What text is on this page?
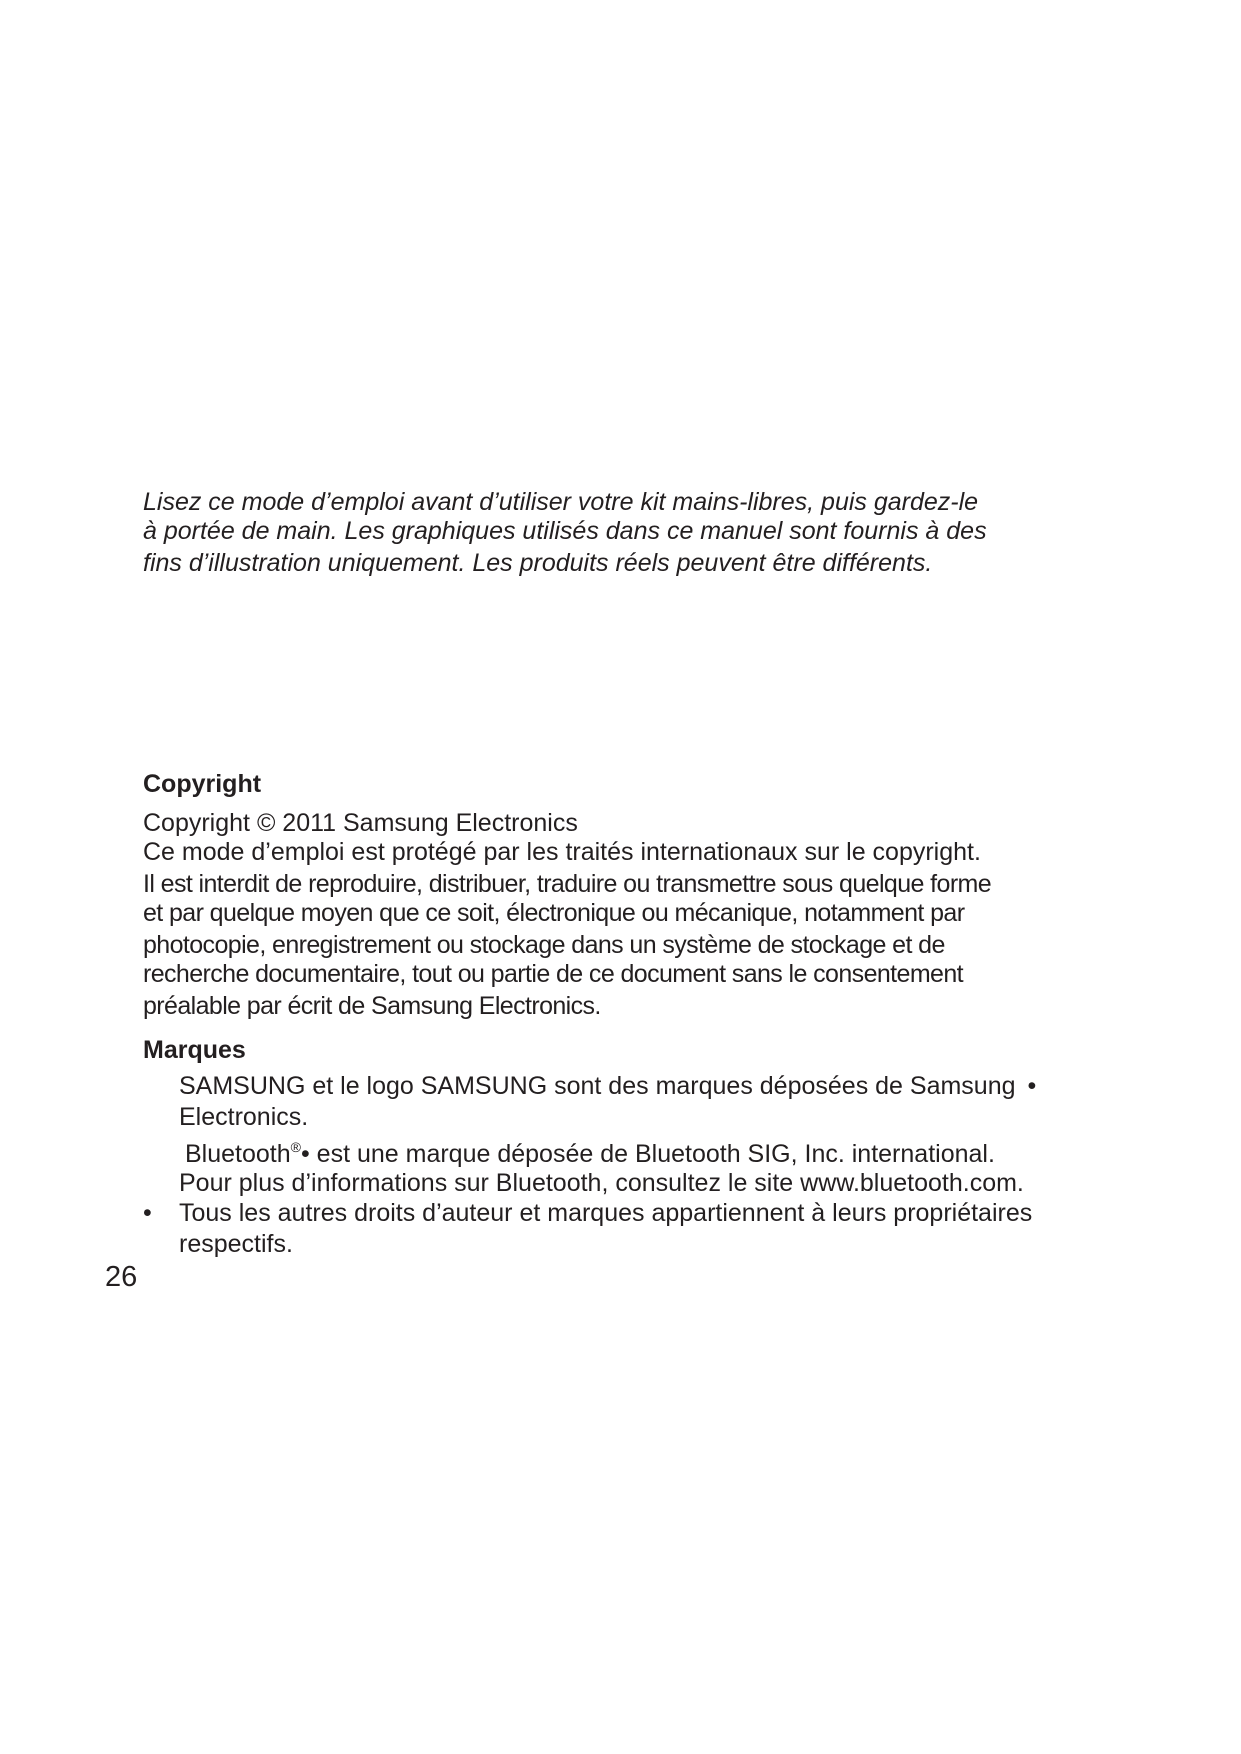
Lisez ce mode d’emploi avant d’utiliser votre kit mains-libres, puis gardez-le

à portée de main. Les graphiques utilisés dans ce manuel sont fournis à des

fins d’illustration uniquement. Les produits réels peuvent être différents.

Copyright

Copyright © 2011 Samsung Electronics

Ce mode d’emploi est protégé par les traités internationaux sur le copyright.

Il est interdit de reproduire, distribuer, traduire ou transmettre sous quelque forme

et par quelque moyen que ce soit, électronique ou mécanique, notamment par

photocopie, enregistrement ou stockage dans un système de stockage et de

recherche documentaire, tout ou partie de ce document sans le consentement

préalable par écrit de Samsung Electronics.

Marques
SAMSUNG et le logo SAMSUNG sont des marques déposées de Samsung •
Electronics.
Bluetooth®• est une marque déposée de Bluetooth SIG, Inc. international.
Pour plus d’informations sur Bluetooth, consultez le site www.bluetooth.com.
•	Tous les autres droits d’auteur et marques appartiennent à leurs propriétaires
respectifs.
26
